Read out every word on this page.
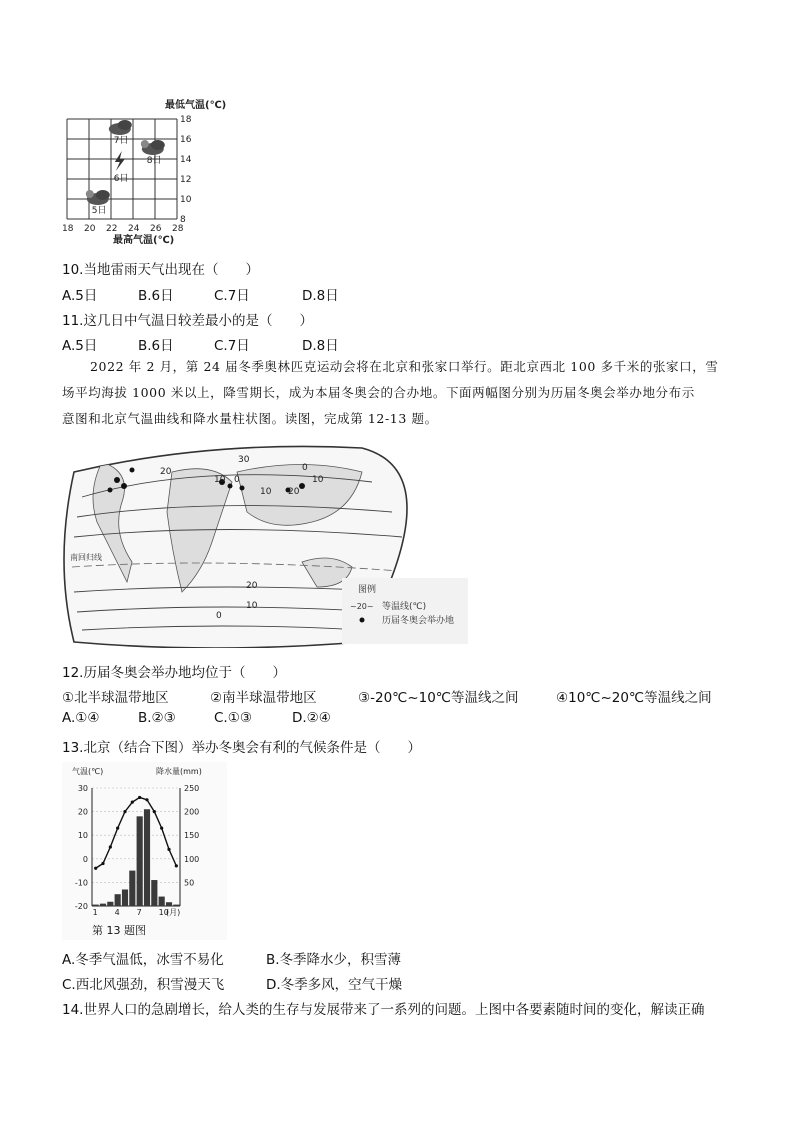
最低气温(℃)
18
16
14
12
10
8
18 20 22 24 26 28
7日
8日
6日
5日
最高气温(℃)
10.当地雷雨天气出现在（　　）
A.5日	B.6日	C.7日	D.8日
11.这几日中气温日较差最小的是（　　）
A.5日	B.6日	C.7日	D.8日

2022 年 2 月，第 24 届冬季奥林匹克运动会将在北京和张家口举行。距北京西北 100 多千米的张家口，雪

场平均海拔 1000 米以上，降雪期长，成为本届冬奥会的合办地。下面两幅图分别为历届冬奥会举办地分布示

意图和北京气温曲线和降水量柱状图。读图，完成第 12-13 题。

30
20
10 0
10 20
10
0
20
10
0
南回归线
图例
~20~ 等温线(℃)
历届冬奥会举办地
12.历届冬奥会举办地均位于（　　）
①北半球温带地区	②南半球温带地区	③-20℃~10℃等温线之间	④10℃~20℃等温线之间
A.①④	B.②③	C.①③	D.②④
13.北京（结合下图）举办冬奥会有利的气候条件是（　　）
气温(℃)	降水量(mm)
30
20
10
0
-10
-20
250
200
150
100
50
1 4 7 10
(月)
第 13 题图
A.冬季气温低，冰雪不易化	B.冬季降水少，积雪薄
C.西北风强劲，积雪漫天飞	D.冬季多风，空气干燥
14.世界人口的急剧增长，给人类的生存与发展带来了一系列的问题。上图中各要素随时间的变化，解读正确
